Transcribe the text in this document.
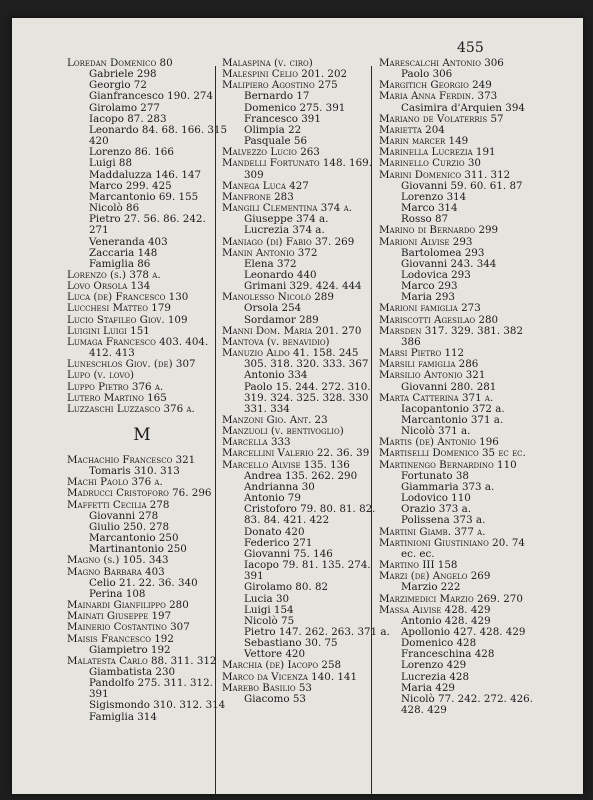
455
Loredan Domenico 80
Gabriele 298
Georgio 72
Gianfrancesco 190. 274
Girolamo 277
Iacopo 87. 283
Leonardo 84. 68. 166. 315
420
Lorenzo 86. 166
Luigi 88
Maddaluzza 146. 147
Marco 299. 425
Marcantonio 69. 155
Nicolò 86
Pietro 27. 56. 86. 242.
271
Veneranda 403
Zaccaria 148
Famiglia 86
Lorenzo (s.) 378 a.
Lovo Orsola 134
Luca (de) Francesco 130
Lucchesi Matteo 179
Lucio Stafileo Giov. 109
Luigini Luigi 151
Lumaga Francesco 403. 404.
412. 413
Luneschlos Giov. (de) 307
Lupo (v. lovo)
Luppo Pietro 376 a.
Lutero Martino 165
Luzzaschi Luzzasco 376 a.
M
Machachio Francesco 321
Tomaris 310. 313
Machi Paolo 376 a.
Madrucci Cristoforo 76. 296
Maffetti Cecilia 278
Giovanni 278
Giulio 250. 278
Marcantonio 250
Martinantonio 250
Magno (s.) 105. 343
Magno Barbara 403
Celio 21. 22. 36. 340
Perina 108
Mainardi Gianfilippo 280
Mainati Giuseppe 197
Mainerio Costantino 307
Maisis Francesco 192
Giampietro 192
Malatesta Carlo 88. 311. 312
Giambatista 230
Pandolfo 275. 311. 312.
391
Sigismondo 310. 312. 314
Famiglia 314
Malaspina (v. ciro)
Malespini Celio 201. 202
Malipiero Agostino 275
Bernardo 17
Domenico 275. 391
Francesco 391
Olimpia 22
Pasquale 56
Malvezzo Lucio 263
Mandelli Fortunato 148. 169.
309
Manega Luca 427
Manfrone 283
Mangili Clementina 374 a.
Giuseppe 374 a.
Lucrezia 374 a.
Maniago (di) Fabio 37. 269
Manin Antonio 372
Elena 372
Leonardo 440
Grimani 329. 424. 444
Manolesso Nicolò 289
Orsola 254
Sordamor 289
Manni Dom. Maria 201. 270
Mantova (v. benavidio)
Manuzio Aldo 41. 158. 245
305. 318. 320. 333. 367
Antonio 334
Paolo 15. 244. 272. 310.
319. 324. 325. 328. 330
331. 334
Manzoni Gio. Ant. 23
Manzuoli (v. bentivoglio)
Marcella 333
Marcellini Valerio 22. 36. 39
Marcello Alvise 135. 136
Andrea 135. 262. 290
Andrianna 30
Antonio 79
Cristoforo 79. 80. 81. 82.
83. 84. 421. 422
Donato 420
Federico 271
Giovanni 75. 146
Iacopo 79. 81. 135. 274.
391
Girolamo 80. 82
Lucia 30
Luigi 154
Nicolò 75
Pietro 147. 262. 263. 371 a.
Sebastiano 30. 75
Vettore 420
Marchia (de) Iacopo 258
Marco da Vicenza 140. 141
Marebo Basilio 53
Giacomo 53
Marescalchi Antonio 306
Paolo 306
Margitich Georgio 249
Maria Anna Ferdin. 373
Casimira d'Arquien 394
Mariano de Volaterris 57
Marietta 204
Marin marcer 149
Marinella Lucrezia 191
Marinello Curzio 30
Marini Domenico 311. 312
Giovanni 59. 60. 61. 87
Lorenzo 314
Marco 314
Rosso 87
Marino di Bernardo 299
Marioni Alvise 293
Bartolomea 293
Giovanni 243. 344
Lodovica 293
Marco 293
Maria 293
Marioni famiglia 273
Mariscotti Agesilao 280
Marsden 317. 329. 381. 382
386
Marsi Pietro 112
Marsili famiglia 286
Marsilio Antonio 321
Giovanni 280. 281
Marta Catterina 371 a.
Iacopantonio 372 a.
Marcantonio 371 a.
Nicolò 371 a.
Martis (de) Antonio 196
Martiselli Domenico 35 ec ec.
Martinengo Bernardino 110
Fortunato 38
Giammaria 373 a.
Lodovico 110
Orazio 373 a.
Polissena 373 a.
Martini Giamb. 377 a.
Martinioni Giustiniano 20. 74
ec. ec.
Martino III 158
Marzi (de) Angelo 269
Marzio 222
Marzimedici Marzio 269. 270
Massa Alvise 428. 429
Antonio 428. 429
Apollonio 427. 428. 429
Domenico 428
Franceschina 428
Lorenzo 429
Lucrezia 428
Maria 429
Nicolò 77. 242. 272. 426.
428. 429
